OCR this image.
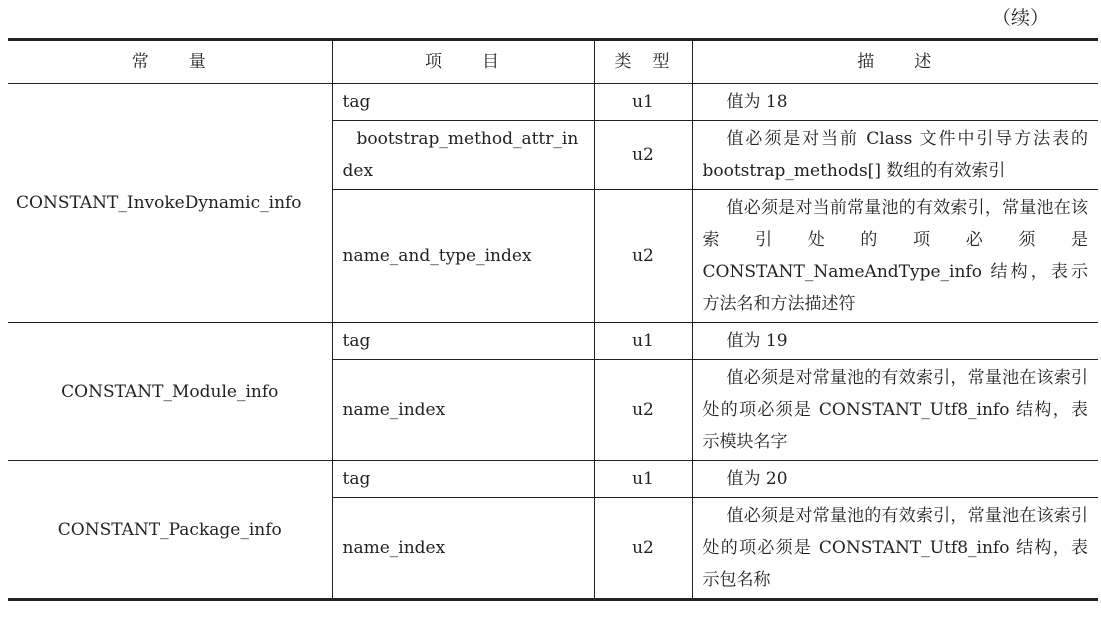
（续）
常　　量	项　　目	类　型	描　　述

CONSTANT_InvokeDynamic_info	tag	u1	值为 18

	bootstrap_method_attr_index	u2	值必须是对当前 Class 文件中引导方法表的 bootstrap_methods[] 数组的有效索引

	name_and_type_index	u2	值必须是对当前常量池的有效索引，常量池在该索引处的项必须是 CONSTANT_NameAndType_info 结构，表示方法名和方法描述符

CONSTANT_Module_info	tag	u1	值为 19

	name_index	u2	值必须是对常量池的有效索引，常量池在该索引处的项必须是 CONSTANT_Utf8_info 结构，表示模块名字

CONSTANT_Package_info	tag	u1	值为 20

	name_index	u2	值必须是对常量池的有效索引，常量池在该索引处的项必须是 CONSTANT_Utf8_info 结构，表示包名称
